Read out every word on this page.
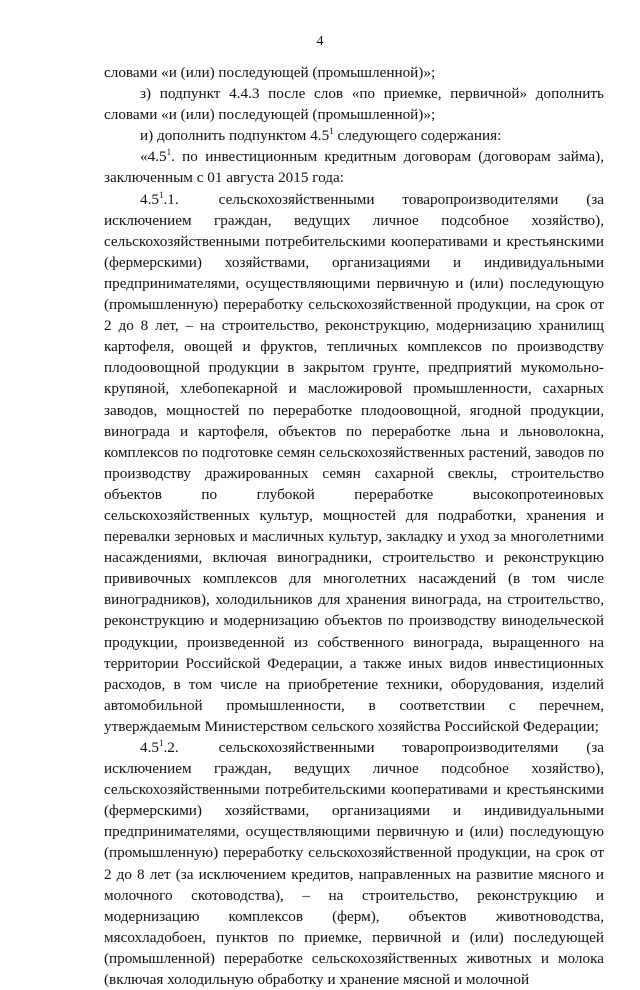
4

словами «и (или) последующей (промышленной)»;

з) подпункт 4.4.3 после слов «по приемке, первичной» дополнить словами «и (или) последующей (промышленной)»;

и) дополнить подпунктом $4.5^1$ следующего содержания:

«$4.5^1$. по инвестиционным кредитным договорам (договорам займа), заключенным с 01 августа 2015 года:

$4.5^1.1$.	сельскохозяйственными товаропроизводителями (за исключением граждан, ведущих личное подсобное хозяйство), сельскохозяйственными потребительскими кооперативами и крестьянскими (фермерскими) хозяйствами, организациями и индивидуальными предпринимателями, осуществляющими первичную и (или) последующую (промышленную) переработку сельскохозяйственной продукции, на срок от 2 до 8 лет, – на строительство, реконструкцию, модернизацию хранилищ картофеля, овощей и фруктов, тепличных комплексов по производству плодоовощной продукции в закрытом грунте, предприятий мукомольно-крупяной, хлебопекарной и масложировой промышленности, сахарных заводов, мощностей по переработке плодоовощной, ягодной продукции, винограда и картофеля, объектов по переработке льна и льноволокна, комплексов по подготовке семян сельскохозяйственных растений, заводов по производству дражированных семян сахарной свеклы, строительство объектов по глубокой переработке высокопротеиновых сельскохозяйственных культур, мощностей для подработки, хранения и перевалки зерновых и масличных культур, закладку и уход за многолетними насаждениями, включая виноградники, строительство и реконструкцию прививочных комплексов для многолетних насаждений (в том числе виноградников), холодильников для хранения винограда, на строительство, реконструкцию и модернизацию объектов по производству винодельческой продукции, произведенной из собственного винограда, выращенного на территории Российской Федерации, а также иных видов инвестиционных расходов, в том числе на приобретение техники, оборудования, изделий автомобильной промышленности, в соответствии с перечнем, утверждаемым Министерством сельского хозяйства Российской Федерации;

$4.5^1.2$.	сельскохозяйственными товаропроизводителями (за исключением граждан, ведущих личное подсобное хозяйство), сельскохозяйственными потребительскими кооперативами и крестьянскими (фермерскими) хозяйствами, организациями и индивидуальными предпринимателями, осуществляющими первичную и (или) последующую (промышленную) переработку сельскохозяйственной продукции, на срок от 2 до 8 лет (за исключением кредитов, направленных на развитие мясного и молочного скотоводства), – на строительство, реконструкцию и модернизацию комплексов (ферм), объектов животноводства, мясохладобоен, пунктов по приемке, первичной и (или) последующей (промышленной) переработке сельскохозяйственных животных и молока (включая холодильную обработку и хранение мясной и молочной
